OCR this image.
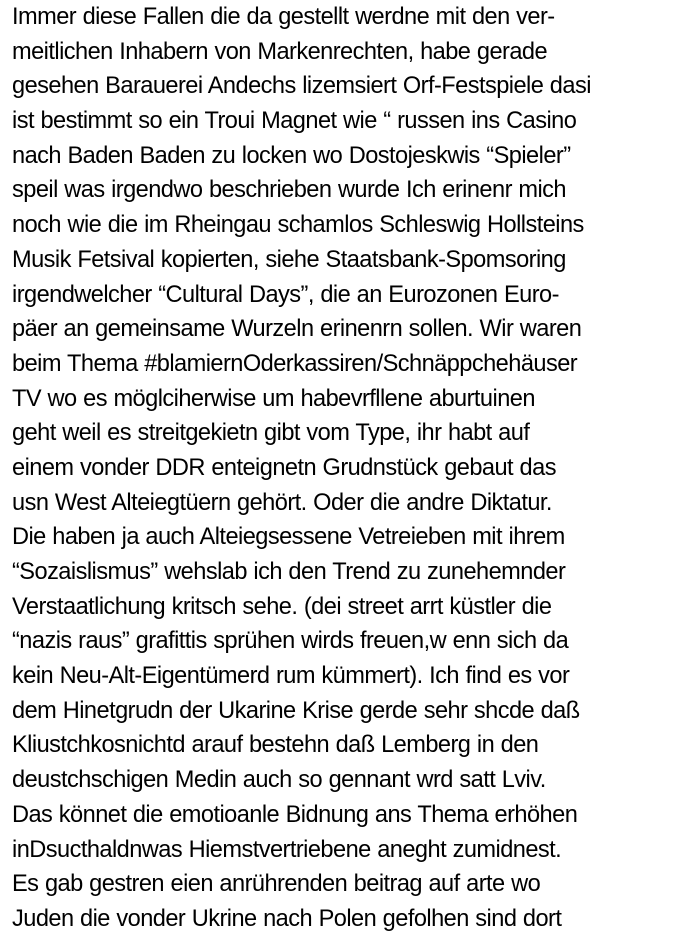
Immer diese Fallen die da gestellt werdne mit den ver-
meitlichen Inhabern von Markenrechten, habe gerade
gesehen Barauerei Andechs lizemsiert Orf-Festspiele dasi
ist bestimmt so ein Troui Magnet wie “ russen ins Casino
nach Baden Baden zu locken wo Dostojeskwis “Spieler”
speil was irgendwo beschrieben wurde Ich erinenr mich
noch wie die im Rheingau schamlos Schleswig Hollsteins
Musik Fetsival kopierten, siehe Staatsbank-Spomsoring
irgendwelcher “Cultural Days”, die an Eurozonen Euro-
päer an gemeinsame Wurzeln erinenrn sollen. Wir waren
beim Thema #blamiernOderkassiren/Schnäppchehäuser
TV wo es möglciherwise um habevrfllene aburtuinen
geht weil es streitgekietn gibt vom Type, ihr habt auf
einem vonder DDR enteignetn Grudnstück gebaut das
usn West Alteiegtüern gehört. Oder die andre Diktatur.
Die haben ja auch Alteiegsessene Vetreieben mit ihrem
“Sozaislismus” wehslab ich den Trend zu zunehemnder
Verstaatlichung kritsch sehe. (dei street arrt küstler die
“nazis raus” grafittis sprühen wirds freuen,w enn sich da
kein Neu-Alt-Eigentümerd rum kümmert). Ich find es vor
dem Hinetgrudn der Ukarine Krise gerde sehr shcde daß
Kliustchkosnichtd arauf bestehn daß Lemberg in den
deustchschigen Medin auch so gennant wrd satt Lviv.
Das könnet die emotioanle Bidnung ans Thema erhöhen
inDsucthaldnwas Hiemstvertriebene aneght zumidnest.
Es gab gestren eien anrührenden beitrag auf arte wo
Juden die vonder Ukrine nach Polen gefolhen sind dort
